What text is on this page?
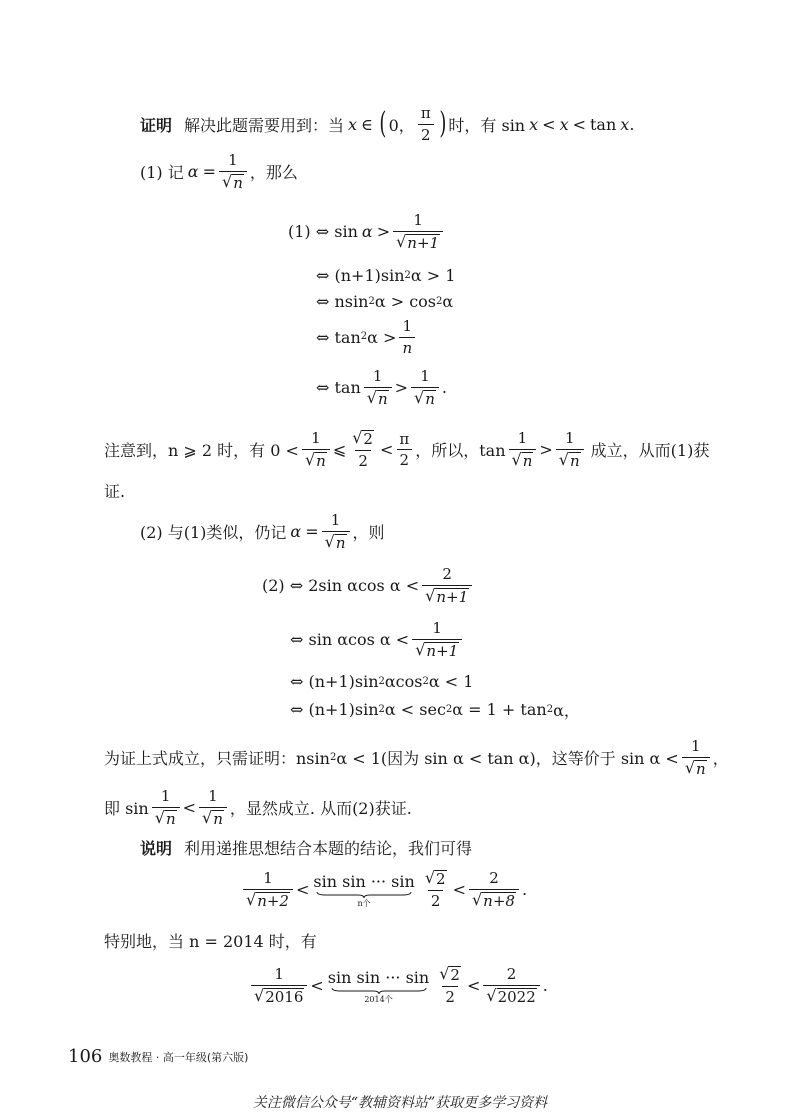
证明 解决此题需要用到：当 x ∈ ( 0， $\frac{\pi}{2}$ ) 时，有 sin x < x < tan x .
(1) 记 $\alpha = \frac{1}{√ n}$ ，那么
(1) ⇔ $\sin \alpha > \frac{1}{√ n+1}$
⇔ (n+1)sin 2 α > 1
⇔ nsin 2 α > cos 2 α
⇔ tan 2 $\alpha > \frac{1}{n}$
⇔ $\tan \frac{1}{√ n} > \frac{1}{√ n}$ .
注意到， n ⩾ 2 时，有 $0 < \frac{1}{√ n}$ ⩽ $\frac{√ 2}{2} < \frac{\pi}{2}$ ，所以，$\tan \frac{1}{√ n} > \frac{1}{√ n}$ 成立，从而(1)获
证.
(2) 与(1)类似，仍记 $\alpha = \frac{1}{√ n}$ ，则
(2) ⇔ 2sin αcos $\alpha < \frac{2}{√ n+1}$
⇔ sin αcos $\alpha < \frac{1}{√ n+1}$
⇔ (n+1)sin 2 αcos 2 α < 1
⇔ (n+1)sin 2 α < sec 2 α = 1 + tan 2 α，
为证上式成立，只需证明：nsin 2 α < 1(因为 sin α < tan α)，这等价于 $\sin \alpha < \frac{1}{√ n}$ ，
即 $\sin \frac{1}{√ n} < \frac{1}{√ n}$ ，显然成立. 从而(2)获证.
说明 利用递推思想结合本题的结论，我们可得
$\frac{1}{√ n+2} < \sin \sin$ ··· sin
n个	$\frac{√ 2}{2} < \frac{2}{√ n+8}$ .
特别地，当 n = 2014 时，有
$\frac{1}{√ 2016} < \sin \sin$ ··· sin
2014个	$\frac{√ 2}{2} < \frac{2}{√ 2022}$ .
106 奥数教程 · 高一年级(第六版)
关注微信公众号“教辅资料站”获取更多学习资料
